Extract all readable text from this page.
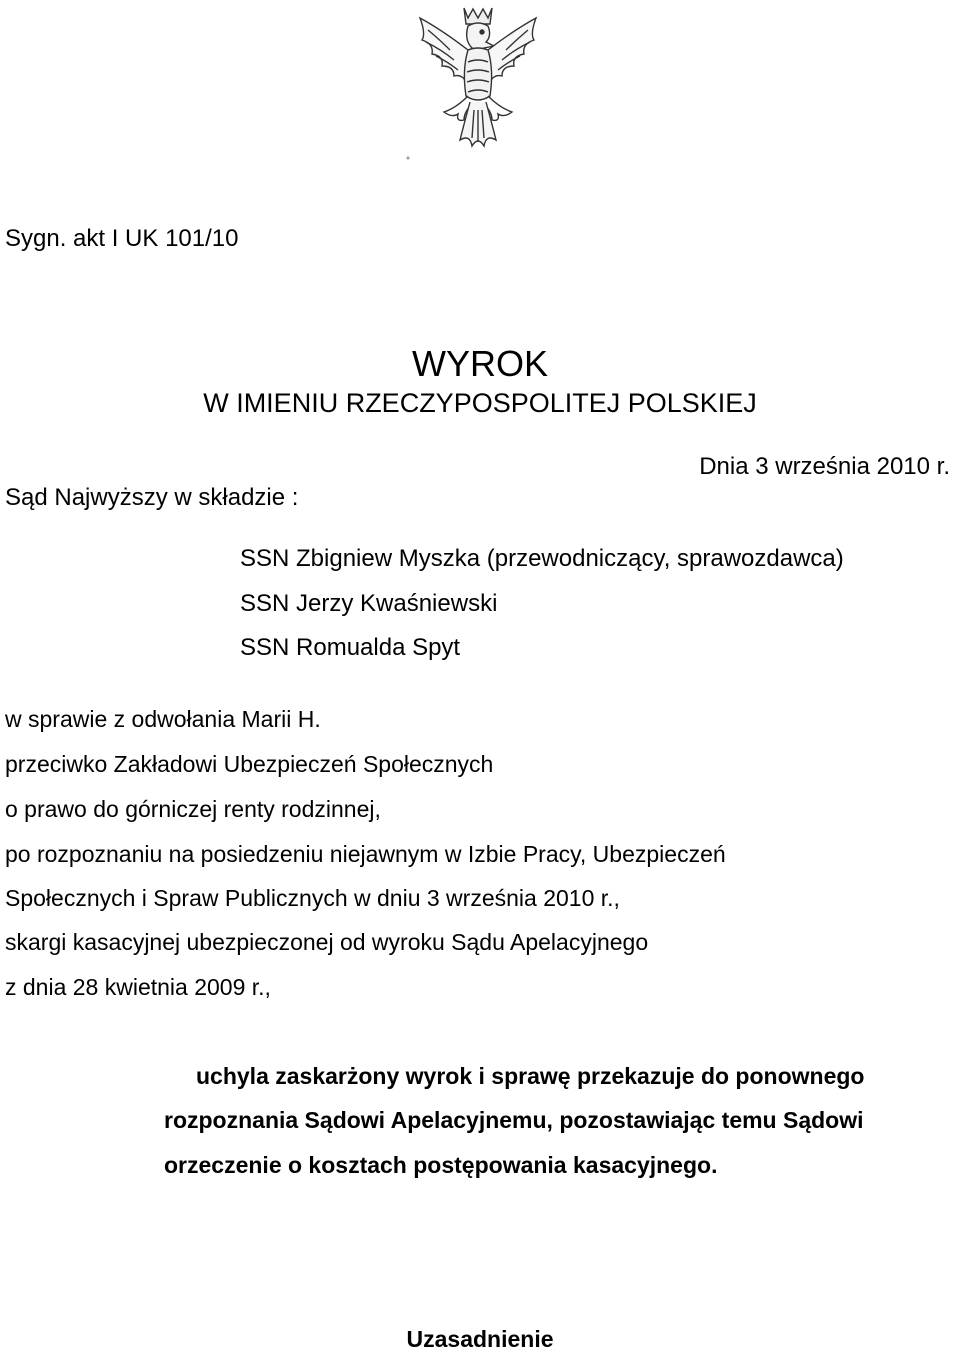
Sygn. akt I UK 101/10
WYROK
W IMIENIU RZECZYPOSPOLITEJ POLSKIEJ
Dnia 3 września 2010 r.
Sąd Najwyższy w składzie :
SSN Zbigniew Myszka (przewodniczący, sprawozdawca)
SSN Jerzy Kwaśniewski
SSN Romualda Spyt
w sprawie z odwołania Marii H.
przeciwko Zakładowi Ubezpieczeń Społecznych
o prawo do górniczej renty rodzinnej,
po rozpoznaniu na posiedzeniu niejawnym w Izbie Pracy, Ubezpieczeń
Społecznych i Spraw Publicznych w dniu 3 września 2010 r.,
skargi kasacyjnej ubezpieczonej od wyroku Sądu Apelacyjnego
z dnia 28 kwietnia 2009 r.,
uchyla zaskarżony wyrok i sprawę przekazuje do ponownego
rozpoznania Sądowi Apelacyjnemu, pozostawiając temu Sądowi
orzeczenie o kosztach postępowania kasacyjnego.
Uzasadnienie
